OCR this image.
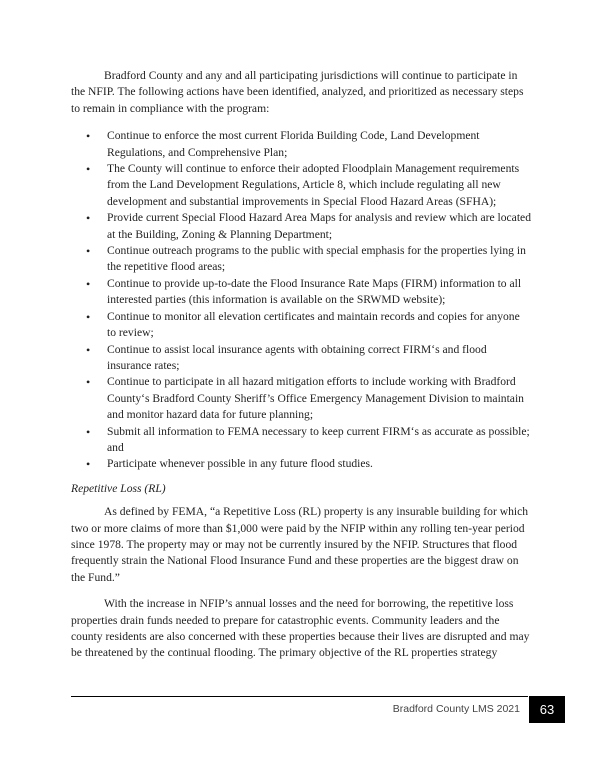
Bradford County and any and all participating jurisdictions will continue to participate in the NFIP. The following actions have been identified, analyzed, and prioritized as necessary steps to remain in compliance with the program:

• Continue to enforce the most current Florida Building Code, Land Development Regulations, and Comprehensive Plan;
• The County will continue to enforce their adopted Floodplain Management requirements from the Land Development Regulations, Article 8, which include regulating all new development and substantial improvements in Special Flood Hazard Areas (SFHA);
• Provide current Special Flood Hazard Area Maps for analysis and review which are located at the Building, Zoning & Planning Department;
• Continue outreach programs to the public with special emphasis for the properties lying in the repetitive flood areas;
• Continue to provide up-to-date the Flood Insurance Rate Maps (FIRM) information to all interested parties (this information is available on the SRWMD website);
• Continue to monitor all elevation certificates and maintain records and copies for anyone to review;
• Continue to assist local insurance agents with obtaining correct FIRM‘s and flood insurance rates;
• Continue to participate in all hazard mitigation efforts to include working with Bradford County‘s Bradford County Sheriff’s Office Emergency Management Division to maintain and monitor hazard data for future planning;
• Submit all information to FEMA necessary to keep current FIRM‘s as accurate as possible; and
• Participate whenever possible in any future flood studies.

Repetitive Loss (RL)

As defined by FEMA, “a Repetitive Loss (RL) property is any insurable building for which two or more claims of more than $1,000 were paid by the NFIP within any rolling ten-year period since 1978. The property may or may not be currently insured by the NFIP. Structures that flood frequently strain the National Flood Insurance Fund and these properties are the biggest draw on the Fund.”

With the increase in NFIP’s annual losses and the need for borrowing, the repetitive loss properties drain funds needed to prepare for catastrophic events. Community leaders and the county residents are also concerned with these properties because their lives are disrupted and may be threatened by the continual flooding. The primary objective of the RL properties strategy

Bradford County LMS 2021	63
